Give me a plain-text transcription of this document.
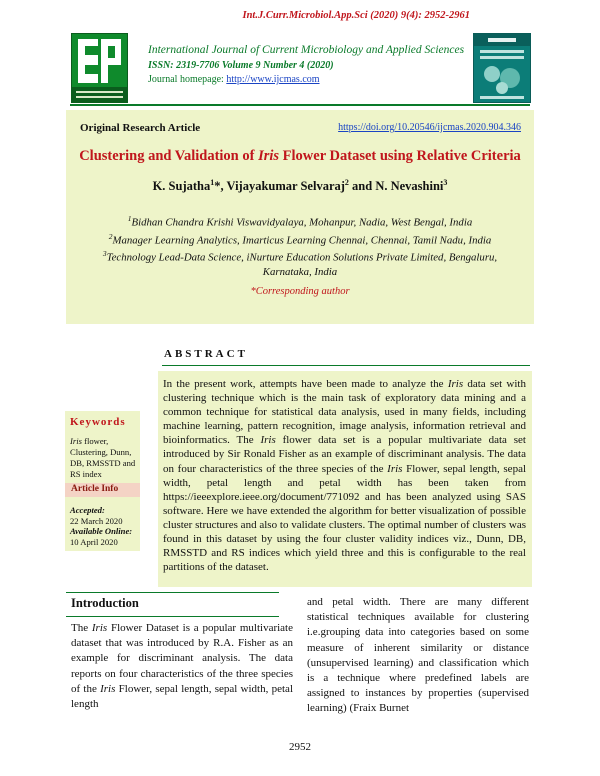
Int.J.Curr.Microbiol.App.Sci (2020) 9(4): 2952-2961
International Journal of Current Microbiology and Applied Sciences
ISSN: 2319-7706 Volume 9 Number 4 (2020)
Journal homepage: http://www.ijcmas.com
Original Research Article	https://doi.org/10.20546/ijcmas.2020.904.346
Clustering and Validation of Iris Flower Dataset using Relative Criteria
K. Sujatha$^1$*, Vijayakumar Selvaraj$^2$ and N. Nevashini$^3$
$^1$Bidhan Chandra Krishi Viswavidyalaya, Mohanpur, Nadia, West Bengal, India
$^2$Manager Learning Analytics, Imarticus Learning Chennai, Chennai, Tamil Nadu, India
$^3$Technology Lead-Data Science, iNurture Education Solutions Private Limited, Bengaluru, Karnataka, India
*Corresponding author
ABSTRACT
In the present work, attempts have been made to analyze the Iris data set with clustering technique which is the main task of exploratory data mining and a common technique for statistical data analysis, used in many fields, including machine learning, pattern recognition, image analysis, information retrieval and bioinformatics. The Iris flower data set is a popular multivariate data set introduced by Sir Ronald Fisher as an example of discriminant analysis. The data on four characteristics of the three species of the Iris Flower, sepal length, sepal width, petal length and petal width has been taken from https://ieeexplore.ieee.org/document/771092 and has been analyzed using SAS software. Here we have extended the algorithm for better visualization of possible cluster structures and also to validate clusters. The optimal number of clusters was found in this dataset by using the four cluster validity indices viz., Dunn, DB, RMSSTD and RS indices which yield three and this is configurable to the real partitions of the dataset.
Keywords
Iris flower, Clustering, Dunn, DB, RMSSTD and RS index
Article Info
Accepted:
22 March 2020
Available Online:
10 April 2020
Introduction
The Iris Flower Dataset is a popular multivariate dataset that was introduced by R.A. Fisher as an example for discriminant analysis. The data reports on four characteristics of the three species of the Iris Flower, sepal length, sepal width, petal length
and petal width. There are many different statistical techniques available for clustering i.e.grouping data into categories based on some measure of inherent similarity or distance (unsupervised learning) and classification which is a technique where predefined labels are assigned to instances by properties (supervised learning) (Fraix Burnet
2952
